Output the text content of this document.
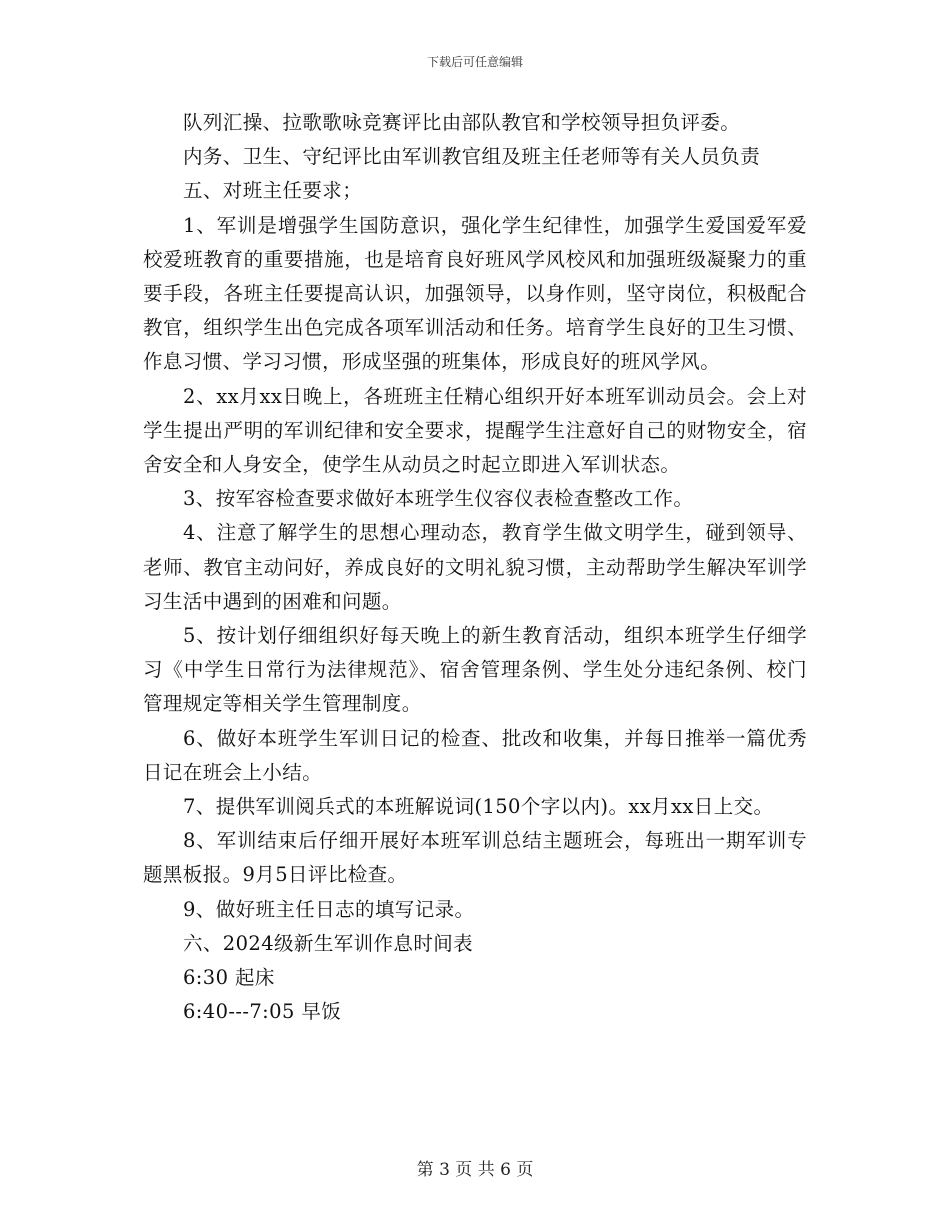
下载后可任意编辑

队列汇操、拉歌歌咏竞赛评比由部队教官和学校领导担负评委。

内务、卫生、守纪评比由军训教官组及班主任老师等有关人员负责

五、对班主任要求；

1、军训是增强学生国防意识，强化学生纪律性，加强学生爱国爱军爱校爱班教育的重要措施，也是培育良好班风学风校风和加强班级凝聚力的重要手段，各班主任要提高认识，加强领导，以身作则，坚守岗位，积极配合教官，组织学生出色完成各项军训活动和任务。培育学生良好的卫生习惯、作息习惯、学习习惯，形成坚强的班集体，形成良好的班风学风。

2、xx月xx日晚上，各班班主任精心组织开好本班军训动员会。会上对学生提出严明的军训纪律和安全要求，提醒学生注意好自己的财物安全，宿舍安全和人身安全，使学生从动员之时起立即进入军训状态。

3、按军容检查要求做好本班学生仪容仪表检查整改工作。

4、注意了解学生的思想心理动态，教育学生做文明学生，碰到领导、老师、教官主动问好，养成良好的文明礼貌习惯，主动帮助学生解决军训学习生活中遇到的困难和问题。

5、按计划仔细组织好每天晚上的新生教育活动，组织本班学生仔细学习《中学生日常行为法律规范》、宿舍管理条例、学生处分违纪条例、校门管理规定等相关学生管理制度。

6、做好本班学生军训日记的检查、批改和收集，并每日推举一篇优秀日记在班会上小结。

7、提供军训阅兵式的本班解说词(150个字以内)。xx月xx日上交。

8、军训结束后仔细开展好本班军训总结主题班会，每班出一期军训专题黑板报。9月5日评比检查。

9、做好班主任日志的填写记录。

六、2024级新生军训作息时间表

6:30 起床

6:40---7:05 早饭

第 3 页 共 6 页
